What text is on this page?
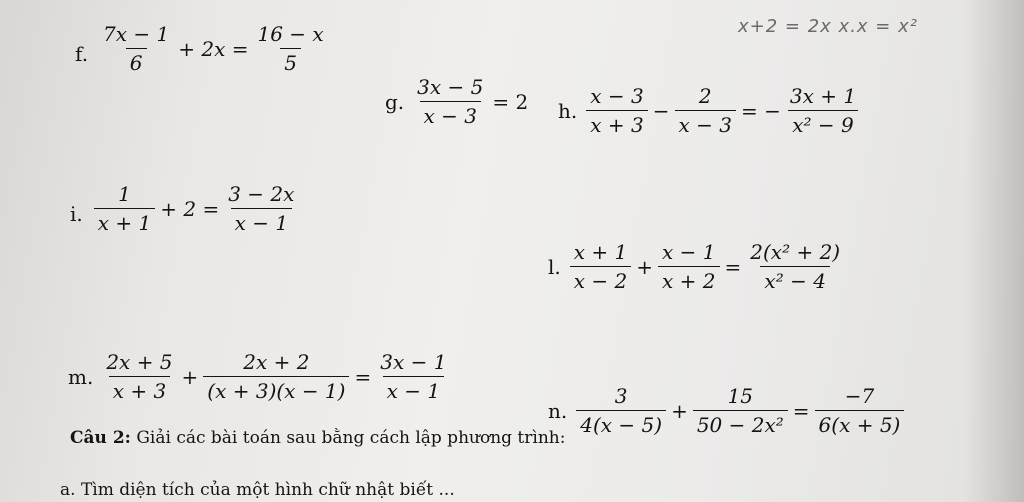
x+2 = 2x x.x = x²
f. $\frac{7x - 1}{6} + 2x = \frac{16 - x}{5}$
g. $\frac{3x - 5}{x - 3} = 2$ h. $\frac{x - 3}{x + 3} - \frac{2}{x - 3}$ = − $\frac{3x + 1}{\text{x² − 9}}$
i. $\frac{1}{x + 1} + 2 = \frac{3 - 2x}{x - 1}$
l. $\frac{x + 1}{x - 2} + \frac{x - 1}{x + 2} = \frac{\text{2(x² + 2)}}{\text{x² − 4}}$
m. $\frac{2x + 5}{x + 3} + \frac{2x + 2}{(x + 3)(x - 1)} = \frac{3x - 1}{x - 1}$
n. $\frac{3}{4(x - 5)} + \frac{15}{\text{50 − 2x²}} = \frac{-7}{6(x + 5)}$
Câu 2: Giải các bài toán sau bằng cách lập phương trình:
a. Tìm diện tích của một hình chữ nhật biết ...
